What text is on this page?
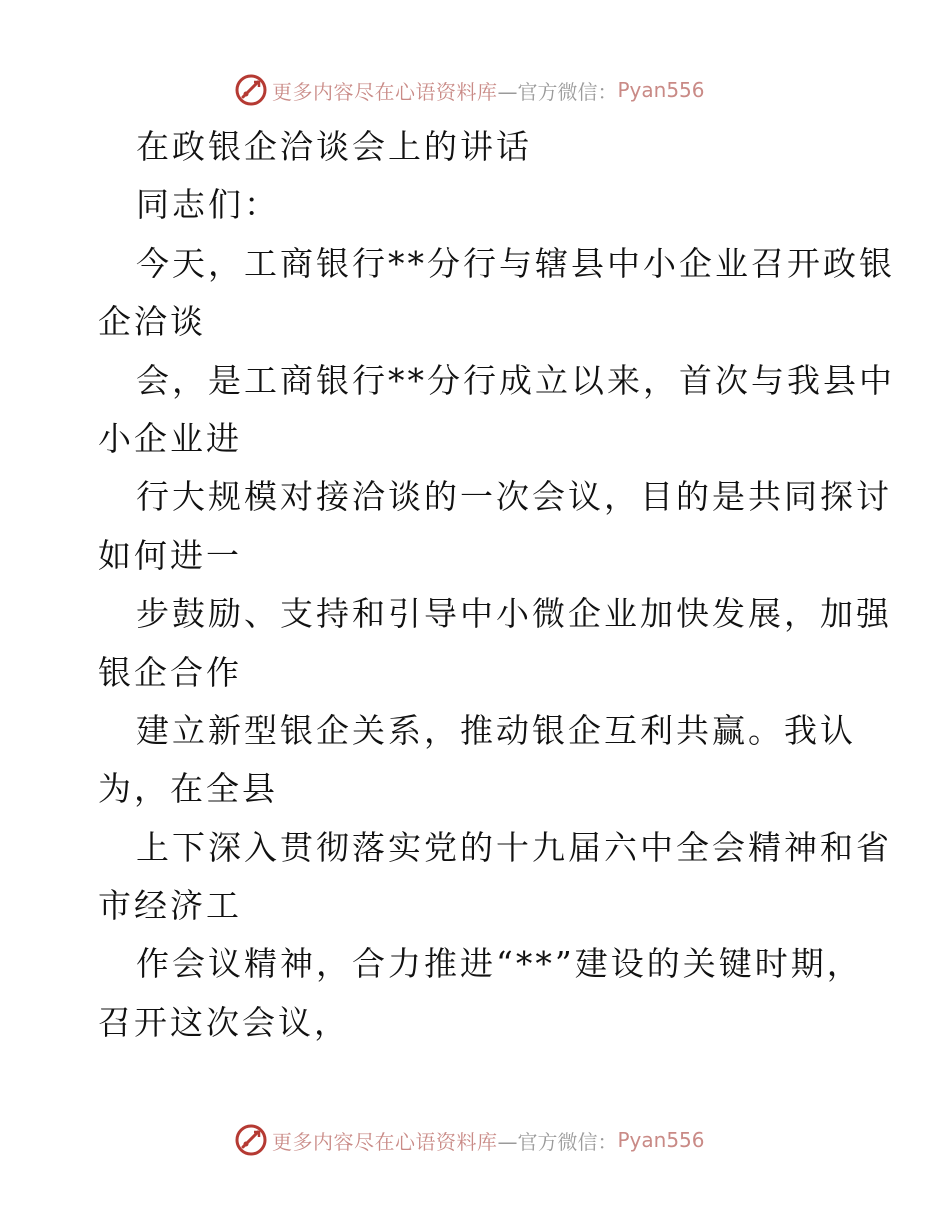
更多内容尽在心语资料库 —官方微信： Pyan556
在政银企洽谈会上的讲话
同志们：
今天，工商银行**分行与辖县中小企业召开政银
企洽谈
会，是工商银行**分行成立以来，首次与我县中
小企业进
行大规模对接洽谈的一次会议，目的是共同探讨
如何进一
步鼓励、支持和引导中小微企业加快发展，加强
银企合作
建立新型银企关系，推动银企互利共赢。我认
为，在全县
上下深入贯彻落实党的十九届六中全会精神和省
市经济工
作会议精神，合力推进“**”建设的关键时期，
召开这次会议，
更多内容尽在心语资料库 —官方微信： Pyan556
